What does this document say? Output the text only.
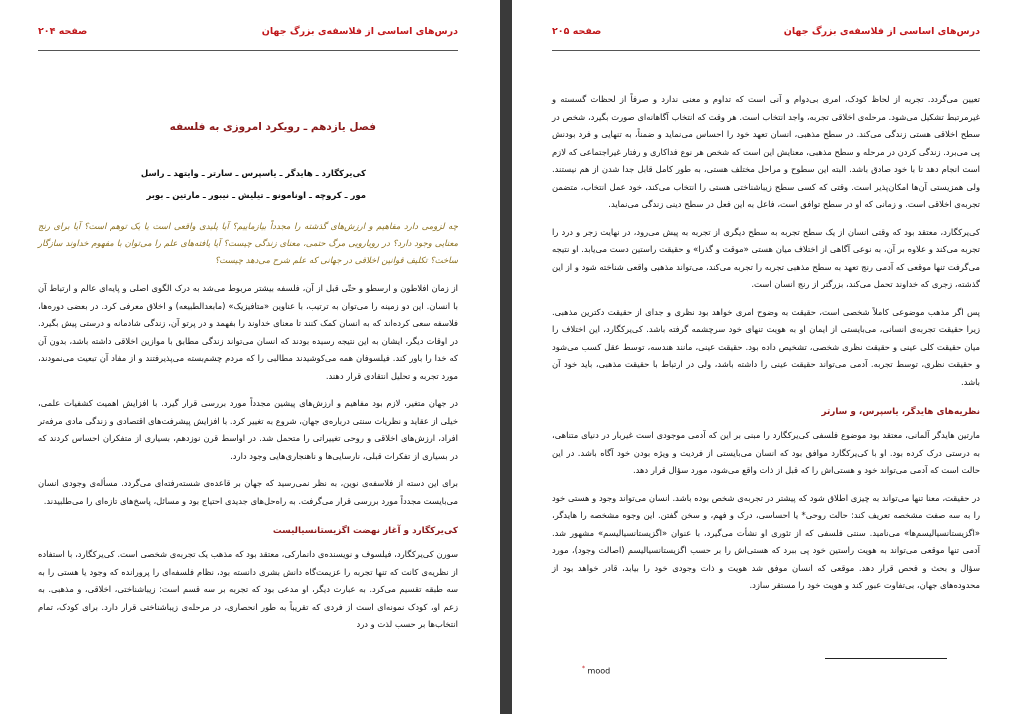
درس‌های اساسی از فلاسفه‌ی بزرگ جهان
صفحه ۲۰۴
فصل یازدهم ـ رویکرد امروزی به فلسفه
کی‌یرکگارد ـ هایدگر ـ یاسپرس ـ سارتر ـ وایتهد ـ راسل
مور ـ کروچه ـ اونامونو ـ تیلیش ـ نیبور ـ مارتین ـ بوبر
چه لزومی دارد مفاهیم و ارزش‌های گذشته را مجدداً بیازماییم؟ آیا پلیدی واقعی است یا یک توهم است؟ آیا برای رنج معنایی وجود دارد؟ در رویارویی مرگ حتمی، معنای زندگی چیست؟ آیا یافته‌های علم را می‌توان با مفهوم خداوند سازگار ساخت؟ تکلیف قوانین اخلاقی در جهانی که علم شرح می‌دهد چیست؟

از زمان افلاطون و ارسطو و حتّی قبل از آن، فلسفه بیشتر مربوط می‌شد به درک الگوی اصلی و پایه‌ای عالم و ارتباط آن با انسان. این دو زمینه را می‌توان به ترتیب، با عناوین «متافیزیک» (مابعدالطبیعه) و اخلاق معرفی کرد. در بعضی دوره‌ها، فلاسفه سعی کرده‌اند که به انسان کمک کنند تا معنای خداوند را بفهمد و در پرتو آن، زندگی شادمانه و درستی پیش بگیرد. در اوقات دیگر، ایشان به این نتیجه رسیده بودند که انسان می‌تواند زندگی مطابق با موازین اخلاقی داشته باشد، بدون آن که خدا را باور کند. فیلسوفان همه می‌کوشیدند مطالبی را که مردم چشم‌بسته می‌پذیرفتند و از مفاد آن تبعیت می‌نمودند، مورد تجربه و تحلیل انتقادی قرار دهند.

در جهان متغیر، لازم بود مفاهیم و ارزش‌های پیشین مجدداً مورد بررسی قرار گیرد. با افزایش اهمیت کشفیات علمی، خیلی از عقاید و نظریات سنتی درباره‌ی جهان، شروع به تغییر کرد. با افزایش پیشرفت‌های اقتصادی و زندگی مادی مرفه‌تر افراد، ارزش‌های اخلاقی و روحی تغییراتی را متحمل شد. در اواسط قرن نوزدهم، بسیاری از متفکران احساس کردند که در بسیاری از تفکرات قبلی، نارسایی‌ها و ناهنجاری‌هایی وجود دارد.

برای این دسته از فلاسفه‌ی نوین، به نظر نمی‌رسید که جهان بر قاعده‌ی شسته‌رفته‌ای می‌گردد. مسأله‌ی وجودی انسان می‌بایست مجدداً مورد بررسی قرار می‌گرفت. به راه‌حل‌های جدیدی احتیاج بود و مسائل، پاسخ‌های تازه‌ای را می‌طلبیدند.

کی‌یرکگارد و آغاز نهضت اگزیستانسیالیست

سورن کی‌یرکگارد، فیلسوف و نویسنده‌ی دانمارکی، معتقد بود که مذهب یک تجربه‌ی شخصی است. کی‌یرکگارد، با استفاده از نظریه‌ی کانت که تنها تجربه را عزیمت‌گاه دانش بشری دانسته بود، نظام فلسفه‌ای را پرورانده که وجود یا هستی را به سه طبقه تقسیم می‌کرد. به عبارت دیگر، او مدعی بود که تجربه بر سه قسم است: زیباشناختی، اخلاقی، و مذهبی. به زعم او، کودک نمونه‌ای است از فردی که تقریباً به طور انحصاری، در مرحله‌ی زیباشناختی قرار دارد. برای کودک، تمام انتخاب‌ها بر حسب لذت و درد

درس‌های اساسی از فلاسفه‌ی بزرگ جهان
صفحه ۲۰۵

تعیین می‌گردد. تجربه از لحاظ کودک، امری بی‌دوام و آنی است که تداوم و معنی ندارد و صرفاً از لحظات گسسته و غیرمرتبط تشکیل می‌شود. مرحله‌ی اخلاقی تجربه، واجد انتخاب است. هر وقت که انتخاب آگاهانه‌ای صورت بگیرد، شخص در سطح اخلاقی هستی زندگی می‌کند. در سطح مذهبی، انسان تعهد خود را احساس می‌نماید و ضمناً، به تنهایی و فرد بودنش پی می‌برد. زندگی کردن در مرحله و سطح مذهبی، معنایش این است که شخص هر نوع فداکاری و رفتار غیراجتماعی که لازم است انجام دهد تا با خود صادق باشد. البته این سطوح و مراحل مختلف هستی، به طور کامل قابل جدا شدن از هم نیستند. ولی همزیستی آن‌ها امکان‌پذیر است. وقتی که کسی سطح زیباشناختی هستی را انتخاب می‌کند، خود عمل انتخاب، متضمن تجربه‌ی اخلاقی است. و زمانی که او در سطح توافق است، فاعل به این فعل در سطح دینی زندگی می‌نماید.

کی‌یرکگارد، معتقد بود که وقتی انسان از یک سطح تجربه به سطح دیگری از تجربه به پیش می‌رود، در نهایت زجر و درد را تجربه می‌کند و علاوه بر آن، به نوعی آگاهی از اختلاف میان هستی «موقت و گذرا» و حقیقت راستین دست می‌یابد. او نتیجه می‌گرفت تنها موقعی که آدمی رنج تعهد به سطح مذهبی تجربه را تجربه می‌کند، می‌تواند مذهبی واقعی شناخته شود و از این گذشته، زجری که خداوند تحمل می‌کند، بزرگتر از رنج انسان است.

پس اگر مذهب موضوعی کاملاً شخصی است، حقیقت به وضوح امری خواهد بود نظری و جدای از حقیقت دکترین مذهبی. زیرا حقیقت تجربه‌ی انسانی، می‌بایستی از ایمان او به هویت تنهای خود سرچشمه گرفته باشد. کی‌یرکگارد، این اختلاف را میان حقیقت کلی عینی و حقیقت نظری شخصی، تشخیص داده بود. حقیقت عینی، مانند هندسه، توسط عقل کسب می‌شود و حقیقت نظری، توسط تجربه. آدمی می‌تواند حقیقت عینی را داشته باشد، ولی در ارتباط با حقیقت مذهبی، باید خود آن باشد.

نظریه‌های هایدگر، یاسپرس، و سارتر

مارتین هایدگر آلمانی، معتقد بود موضوع فلسفی کی‌یرکگارد را مبنی بر این که آدمی موجودی است غیربار در دنیای متناهی، به درستی درک کرده بود. او با کی‌یرکگارد موافق بود که انسان می‌بایستی از فردیت و ویژه بودن خود آگاه باشد. در این حالت است که آدمی می‌تواند خود و هستی‌اش را که قبل از ذات واقع می‌شود، مورد سؤال قرار دهد.

در حقیقت، معنا تنها می‌تواند به چیزی اطلاق شود که پیشتر در تجربه‌ی شخص بوده باشد. انسان می‌تواند وجود و هستی خود را به سه صفت مشخصه تعریف کند: حالت روحی* یا احساسی، درک و فهم، و سخن گفتن. این وجوه مشخصه را هایدگر، «اگزیستانسیالیسم‌ها» می‌نامید. سنتی فلسفی که از تئوری او نشأت می‌گیرد، با عنوان «اگزیستانسیالیسم» مشهور شد. آدمی تنها موقعی می‌تواند به هویت راستین خود پی ببرد که هستی‌اش را بر حسب اگزیستانسیالیسم (اصالت وجود)، مورد سؤال و بحث و فحص قرار دهد. موقعی که انسان موفق شد هویت و ذات وجودی خود را بیابد، قادر خواهد بود از محدوده‌های جهان، بی‌تفاوت عبور کند و هویت خود را مستقر سازد.

* mood
